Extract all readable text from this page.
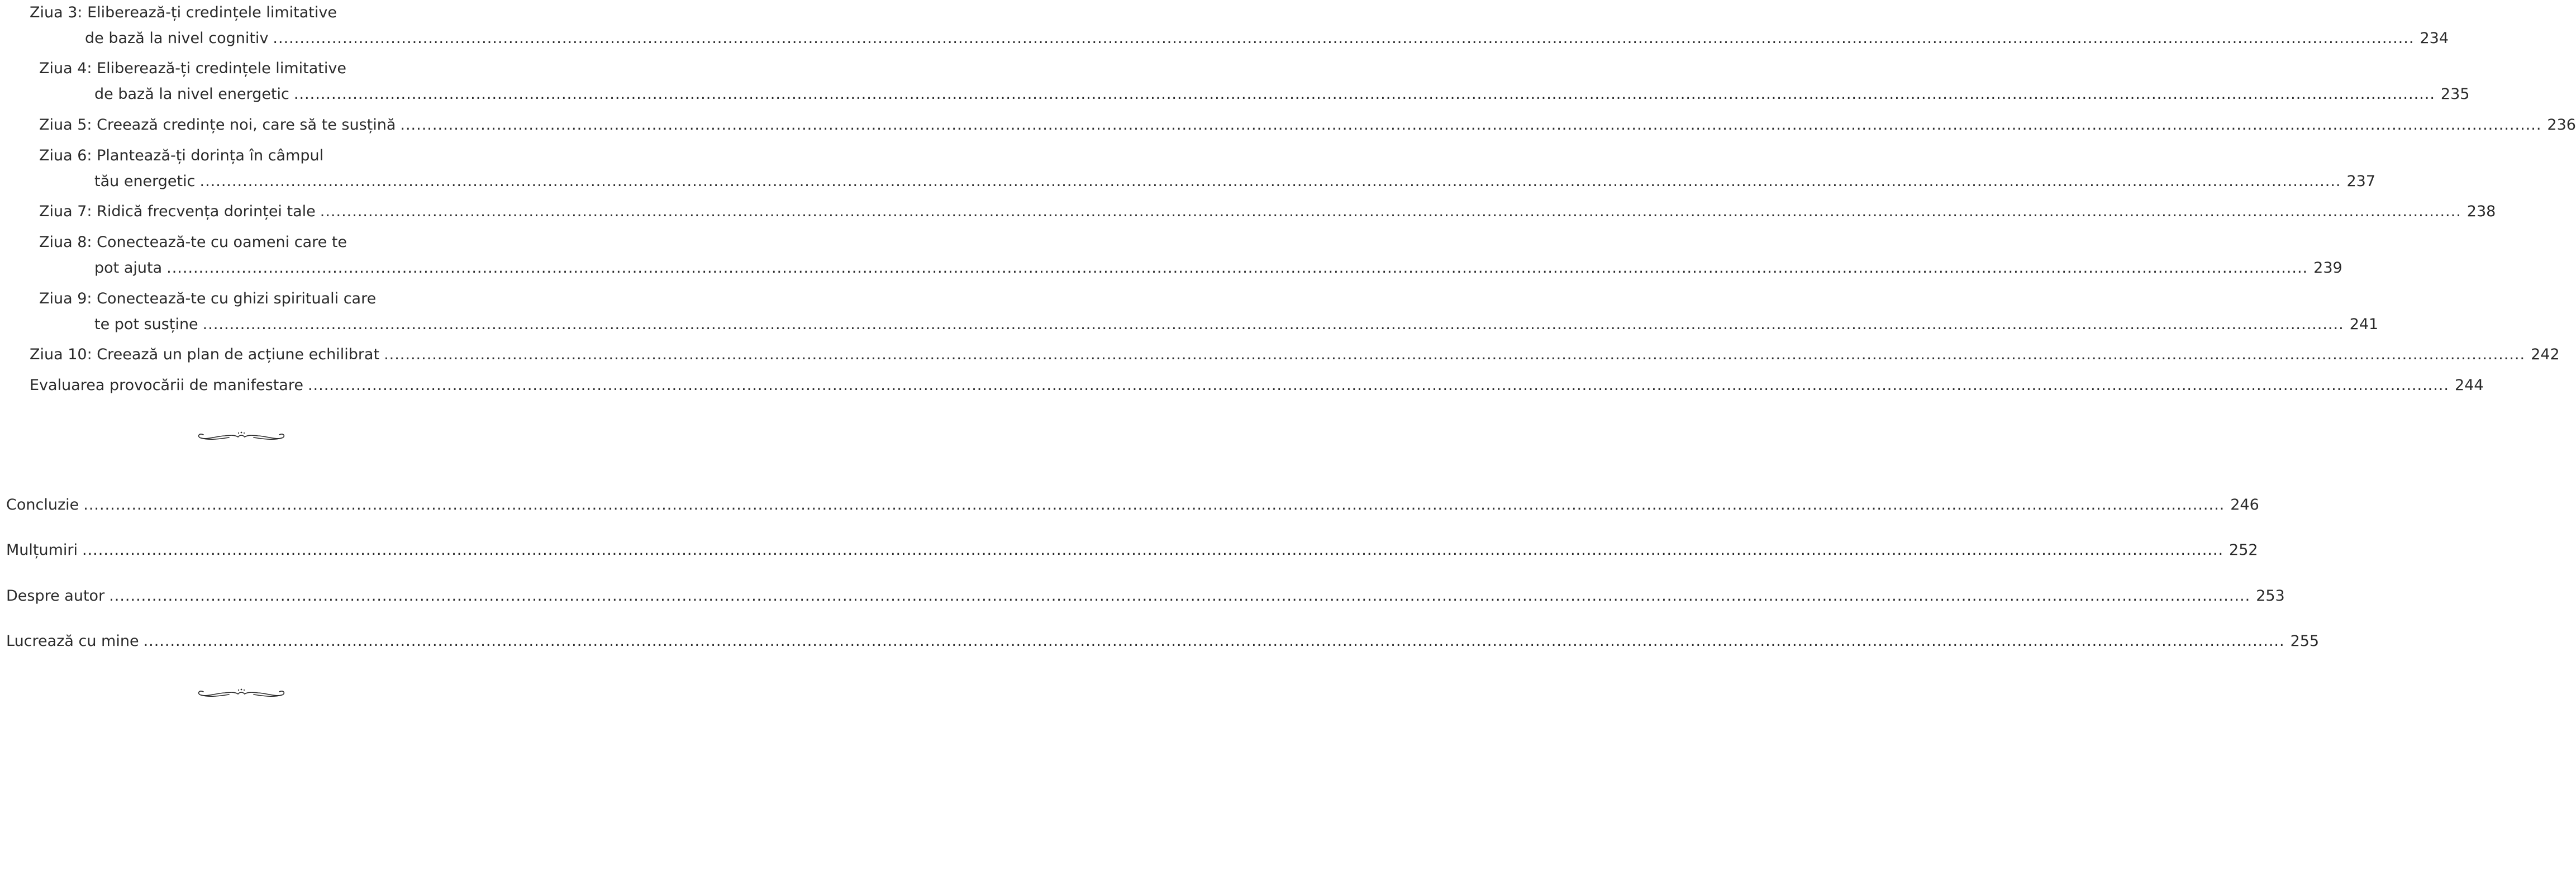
Ziua 3: Eliberează-ți credințele limitative
de bază la nivel cognitiv ................................................................................................................................................................................................................................................................................................................................................................................................................ 234
Ziua 4: Eliberează-ți credințele limitative
de bază la nivel energetic ................................................................................................................................................................................................................................................................................................................................................................................................................ 235
Ziua 5: Creează credințe noi, care să te susțină ................................................................................................................................................................................................................................................................................................................................................................................................................ 236
Ziua 6: Plantează-ți dorința în câmpul
tău energetic ................................................................................................................................................................................................................................................................................................................................................................................................................ 237
Ziua 7: Ridică frecvența dorinței tale ................................................................................................................................................................................................................................................................................................................................................................................................................ 238
Ziua 8: Conectează-te cu oameni care te
pot ajuta ................................................................................................................................................................................................................................................................................................................................................................................................................ 239
Ziua 9: Conectează-te cu ghizi spirituali care
te pot susține ................................................................................................................................................................................................................................................................................................................................................................................................................ 241
Ziua 10: Creează un plan de acțiune echilibrat ................................................................................................................................................................................................................................................................................................................................................................................................................ 242
Evaluarea provocării de manifestare ................................................................................................................................................................................................................................................................................................................................................................................................................ 244
Concluzie ................................................................................................................................................................................................................................................................................................................................................................................................................ 246
Mulțumiri ................................................................................................................................................................................................................................................................................................................................................................................................................ 252
Despre autor ................................................................................................................................................................................................................................................................................................................................................................................................................ 253
Lucrează cu mine ................................................................................................................................................................................................................................................................................................................................................................................................................ 255
